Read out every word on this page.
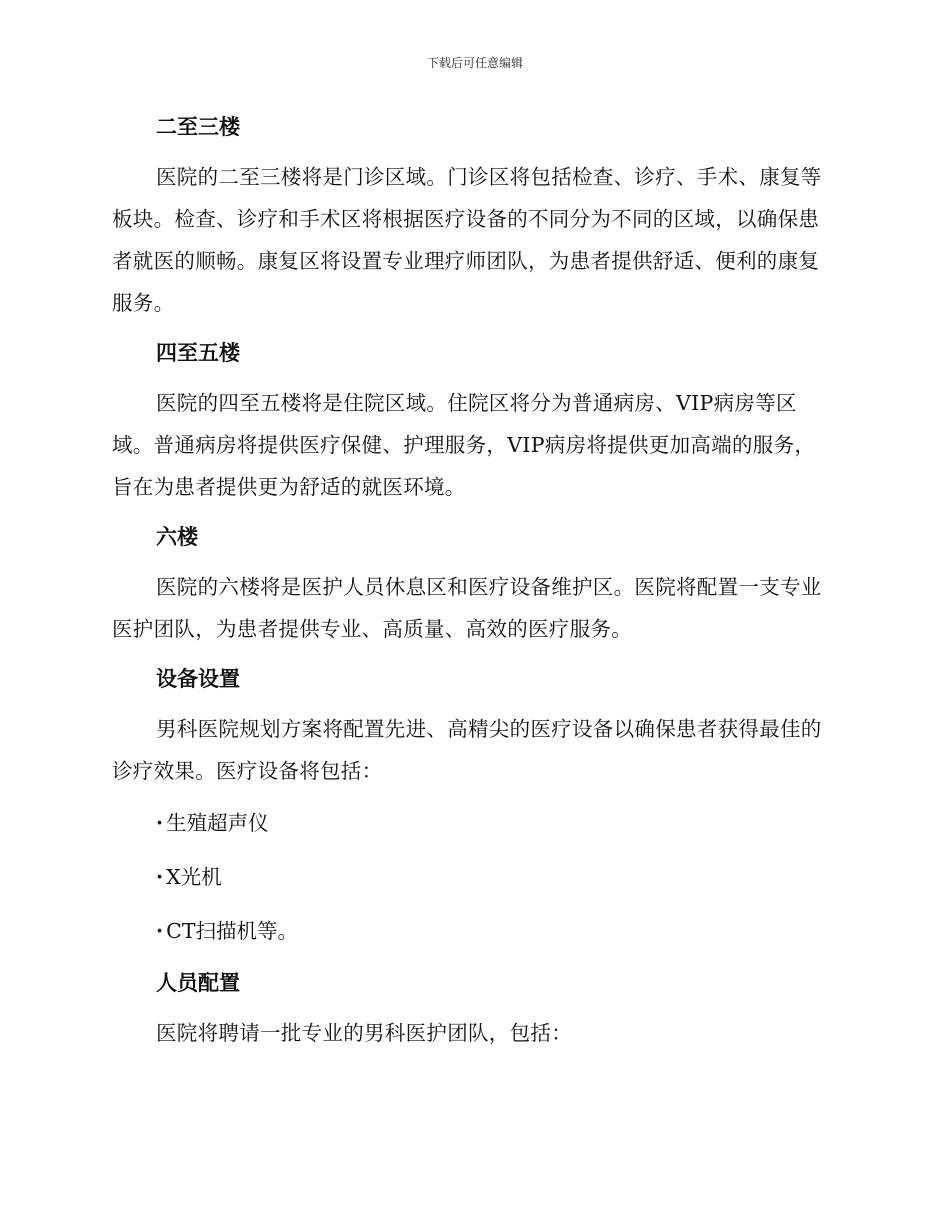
下载后可任意编辑
二至三楼

医院的二至三楼将是门诊区域。门诊区将包括检查、诊疗、手术、康复等板块。检查、诊疗和手术区将根据医疗设备的不同分为不同的区域，以确保患者就医的顺畅。康复区将设置专业理疗师团队，为患者提供舒适、便利的康复服务。

四至五楼

医院的四至五楼将是住院区域。住院区将分为普通病房、VIP病房等区域。普通病房将提供医疗保健、护理服务，VIP病房将提供更加高端的服务，旨在为患者提供更为舒适的就医环境。

六楼

医院的六楼将是医护人员休息区和医疗设备维护区。医院将配置一支专业医护团队，为患者提供专业、高质量、高效的医疗服务。

设备设置

男科医院规划方案将配置先进、高精尖的医疗设备以确保患者获得最佳的诊疗效果。医疗设备将包括：

· 生殖超声仪
· X光机
· CT扫描机等。
人员配置

医院将聘请一批专业的男科医护团队，包括：
